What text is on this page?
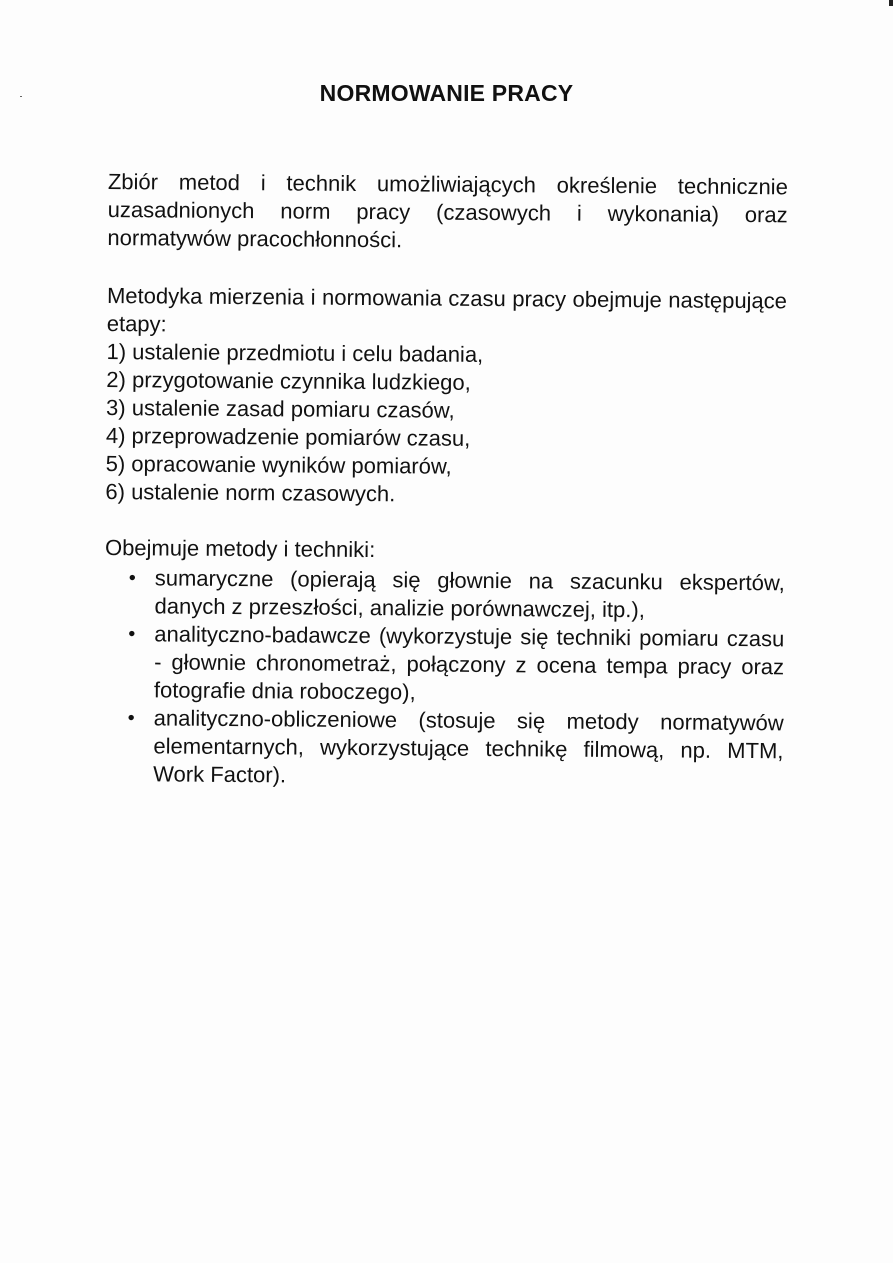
NORMOWANIE PRACY

Zbiór metod i technik umożliwiających określenie technicznie uzasadnionych norm pracy (czasowych i wykonania) oraz normatywów pracochłonności.

Metodyka mierzenia i normowania czasu pracy obejmuje następujące etapy:

1) ustalenie przedmiotu i celu badania,
2) przygotowanie czynnika ludzkiego,
3) ustalenie zasad pomiaru czasów,
4) przeprowadzenie pomiarów czasu,
5) opracowanie wyników pomiarów,
6) ustalenie norm czasowych.

Obejmuje metody i techniki:

• sumaryczne (opierają się głownie na szacunku ekspertów, danych z przeszłości, analizie porównawczej, itp.),
• analityczno-badawcze (wykorzystuje się techniki pomiaru czasu - głownie chronometraż, połączony z ocena tempa pracy oraz fotografie dnia roboczego),
• analityczno-obliczeniowe (stosuje się metody normatywów elementarnych, wykorzystujące technikę filmową, np. MTM, Work Factor).
